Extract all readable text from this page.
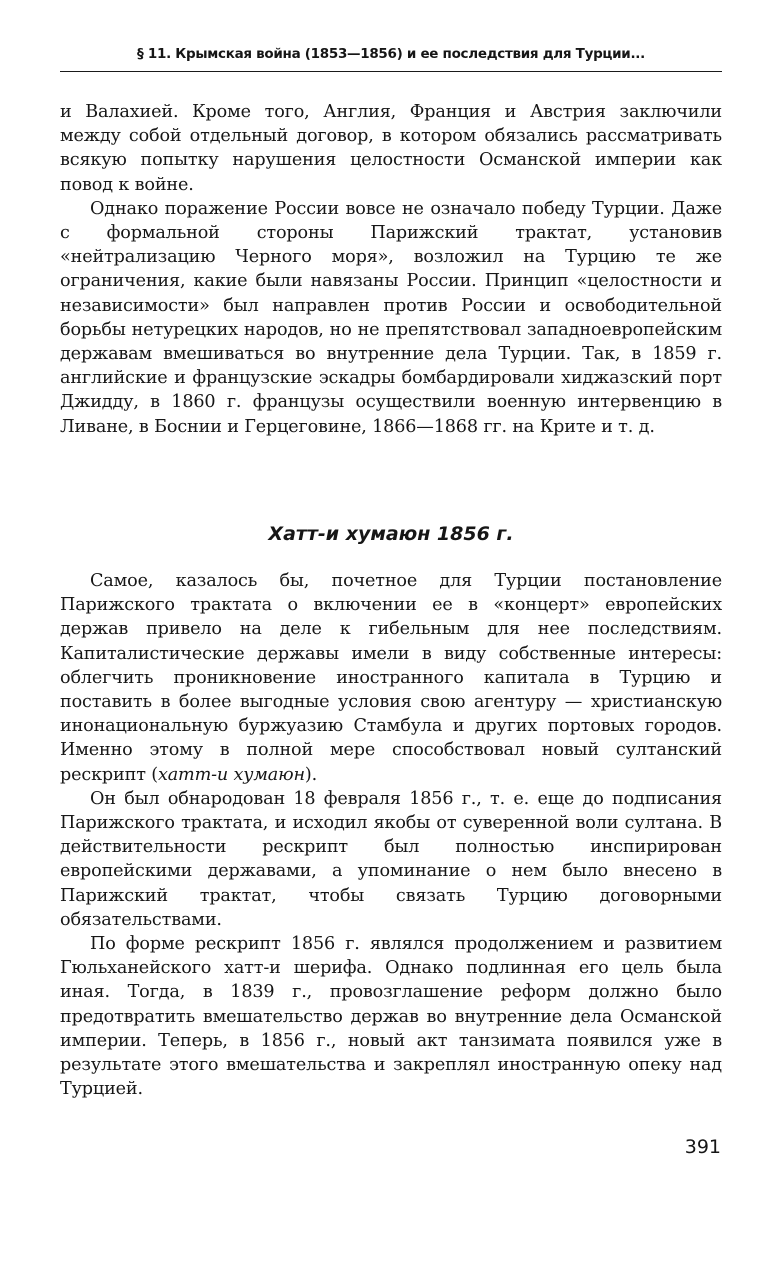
§ 11. Крымская война (1853—1856) и ее последствия для Турции...

и Валахией. Кроме того, Англия, Франция и Австрия заключили между собой отдельный договор, в котором обязались рассматривать всякую попытку нарушения целостности Османской империи как повод к войне.

Однако поражение России вовсе не означало победу Турции. Даже с формальной стороны Парижский трактат, установив «нейтрализацию Черного моря», возложил на Турцию те же ограничения, какие были навязаны России. Принцип «целостности и независимости» был направлен против России и освободительной борьбы нетурецких народов, но не препятствовал западноевропейским державам вмешиваться во внутренние дела Турции. Так, в 1859 г. английские и французские эскадры бомбардировали хиджазский порт Джидду, в 1860 г. французы осуществили военную интервенцию в Ливане, в Боснии и Герцеговине, 1866—1868 гг. на Крите и т. д.

Хатт-и хумаюн 1856 г.

Самое, казалось бы, почетное для Турции постановление Парижского трактата о включении ее в «концерт» европейских держав привело на деле к гибельным для нее последствиям. Капиталистические державы имели в виду собственные интересы: облегчить проникновение иностранного капитала в Турцию и поставить в более выгодные условия свою агентуру — христианскую инонациональную буржуазию Стамбула и других портовых городов. Именно этому в полной мере способствовал новый султанский рескрипт (хатт-и хумаюн).

Он был обнародован 18 февраля 1856 г., т. е. еще до подписания Парижского трактата, и исходил якобы от суверенной воли султана. В действительности рескрипт был полностью инспирирован европейскими державами, а упоминание о нем было внесено в Парижский трактат, чтобы связать Турцию договорными обязательствами.

По форме рескрипт 1856 г. являлся продолжением и развитием Гюльханейского хатт-и шерифа. Однако подлинная его цель была иная. Тогда, в 1839 г., провозглашение реформ должно было предотвратить вмешательство держав во внутренние дела Османской империи. Теперь, в 1856 г., новый акт танзимата появился уже в результате этого вмешательства и закреплял иностранную опеку над Турцией.

391
